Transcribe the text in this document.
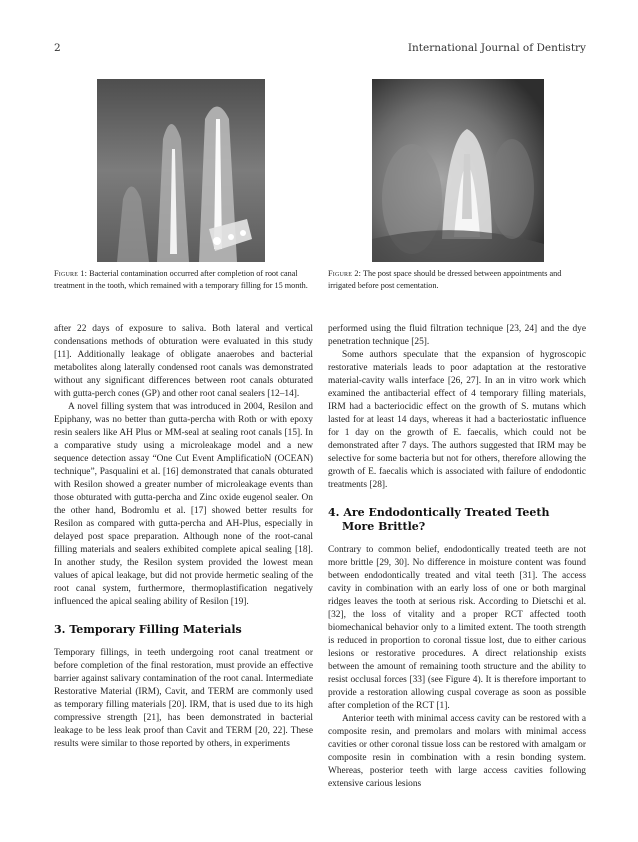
2	International Journal of Dentistry
Figure 1: Bacterial contamination occurred after completion of root canal treatment in the tooth, which remained with a temporary filling for 15 month.
Figure 2: The post space should be dressed between appointments and irrigated before post cementation.

after 22 days of exposure to saliva. Both lateral and vertical condensations methods of obturation were evaluated in this study [11]. Additionally leakage of obligate anaerobes and bacterial metabolites along laterally condensed root canals was demonstrated without any significant differences between root canals obturated with gutta-perch cones (GP) and other root canal sealers [12–14].

A novel filling system that was introduced in 2004, Resilon and Epiphany, was no better than gutta-percha with Roth or with epoxy resin sealers like AH Plus or MM-seal at sealing root canals [15]. In a comparative study using a microleakage model and a new sequence detection assay “One Cut Event AmplificatioN (OCEAN) technique”, Pasqualini et al. [16] demonstrated that canals obturated with Resilon showed a greater number of microleakage events than those obturated with gutta-percha and Zinc oxide eugenol sealer. On the other hand, Bodromlu et al. [17] showed better results for Resilon as compared with gutta-percha and AH-Plus, especially in delayed post space preparation. Although none of the root-canal filling materials and sealers exhibited complete apical sealing [18]. In another study, the Resilon system provided the lowest mean values of apical leakage, but did not provide hermetic sealing of the root canal system, furthermore, thermoplastification negatively influenced the apical sealing ability of Resilon [19].

3. Temporary Filling Materials

Temporary fillings, in teeth undergoing root canal treatment or before completion of the final restoration, must provide an effective barrier against salivary contamination of the root canal. Intermediate Restorative Material (IRM), Cavit, and TERM are commonly used as temporary filling materials [20]. IRM, that is used due to its high compressive strength [21], has been demonstrated in bacterial leakage to be less leak proof than Cavit and TERM [20, 22]. These results were similar to those reported by others, in experiments

performed using the fluid filtration technique [23, 24] and the dye penetration technique [25].

Some authors speculate that the expansion of hygroscopic restorative materials leads to poor adaptation at the restorative material-cavity walls interface [26, 27]. In an in vitro work which examined the antibacterial effect of 4 temporary filling materials, IRM had a bacteriocidic effect on the growth of S. mutans which lasted for at least 14 days, whereas it had a bacteriostatic influence for 1 day on the growth of E. faecalis, which could not be demonstrated after 7 days. The authors suggested that IRM may be selective for some bacteria but not for others, therefore allowing the growth of E. faecalis which is associated with failure of endodontic treatments [28].

4. Are Endodontically Treated Teeth
More Brittle?

Contrary to common belief, endodontically treated teeth are not more brittle [29, 30]. No difference in moisture content was found between endodontically treated and vital teeth [31]. The access cavity in combination with an early loss of one or both marginal ridges leaves the tooth at serious risk. According to Dietschi et al. [32], the loss of vitality and a proper RCT affected tooth biomechanical behavior only to a limited extent. The tooth strength is reduced in proportion to coronal tissue lost, due to either carious lesions or restorative procedures. A direct relationship exists between the amount of remaining tooth structure and the ability to resist occlusal forces [33] (see Figure 4). It is therefore important to provide a restoration allowing cuspal coverage as soon as possible after completion of the RCT [1].

Anterior teeth with minimal access cavity can be restored with a composite resin, and premolars and molars with minimal access cavities or other coronal tissue loss can be restored with amalgam or composite resin in combination with a resin bonding system. Whereas, posterior teeth with large access cavities following extensive carious lesions
